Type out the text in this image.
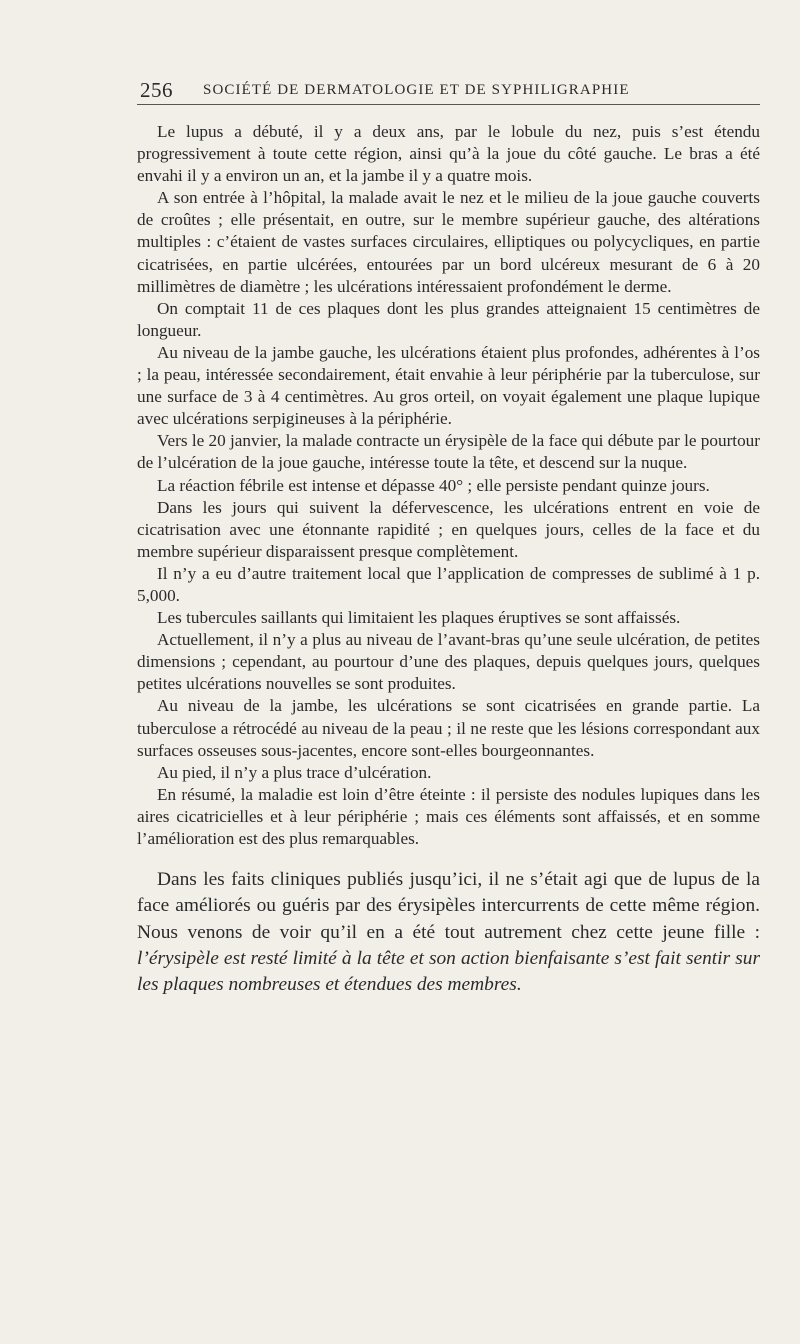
256 SOCIÉTÉ DE DERMATOLOGIE ET DE SYPHILIGRAPHIE

Le lupus a débuté, il y a deux ans, par le lobule du nez, puis s’est étendu progressivement à toute cette région, ainsi qu’à la joue du côté gauche. Le bras a été envahi il y a environ un an, et la jambe il y a quatre mois.

A son entrée à l’hôpital, la malade avait le nez et le milieu de la joue gauche couverts de croûtes ; elle présentait, en outre, sur le membre supérieur gauche, des altérations multiples : c’étaient de vastes surfaces circulaires, elliptiques ou polycycliques, en partie cicatrisées, en partie ulcérées, entourées par un bord ulcéreux mesurant de 6 à 20 millimètres de diamètre ; les ulcérations intéressaient profondément le derme.

On comptait 11 de ces plaques dont les plus grandes atteignaient 15 centimètres de longueur.

Au niveau de la jambe gauche, les ulcérations étaient plus profondes, adhérentes à l’os ; la peau, intéressée secondairement, était envahie à leur périphérie par la tuberculose, sur une surface de 3 à 4 centimètres. Au gros orteil, on voyait également une plaque lupique avec ulcérations serpigineuses à la périphérie.

Vers le 20 janvier, la malade contracte un érysipèle de la face qui débute par le pourtour de l’ulcération de la joue gauche, intéresse toute la tête, et descend sur la nuque.

La réaction fébrile est intense et dépasse 40° ; elle persiste pendant quinze jours.

Dans les jours qui suivent la défervescence, les ulcérations entrent en voie de cicatrisation avec une étonnante rapidité ; en quelques jours, celles de la face et du membre supérieur disparaissent presque complètement.

Il n’y a eu d’autre traitement local que l’application de compresses de sublimé à 1 p. 5,000.

Les tubercules saillants qui limitaient les plaques éruptives se sont affaissés.

Actuellement, il n’y a plus au niveau de l’avant-bras qu’une seule ulcération, de petites dimensions ; cependant, au pourtour d’une des plaques, depuis quelques jours, quelques petites ulcérations nouvelles se sont produites.

Au niveau de la jambe, les ulcérations se sont cicatrisées en grande partie. La tuberculose a rétrocédé au niveau de la peau ; il ne reste que les lésions correspondant aux surfaces osseuses sous-jacentes, encore sont-elles bourgeonnantes.

Au pied, il n’y a plus trace d’ulcération.

En résumé, la maladie est loin d’être éteinte : il persiste des nodules lupiques dans les aires cicatricielles et à leur périphérie ; mais ces éléments sont affaissés, et en somme l’amélioration est des plus remarquables.

Dans les faits cliniques publiés jusqu’ici, il ne s’était agi que de lupus de la face améliorés ou guéris par des érysipèles intercurrents de cette même région. Nous venons de voir qu’il en a été tout autrement chez cette jeune fille : l’érysipèle est resté limité à la tête et son action bienfaisante s’est fait sentir sur les plaques nombreuses et étendues des membres.
